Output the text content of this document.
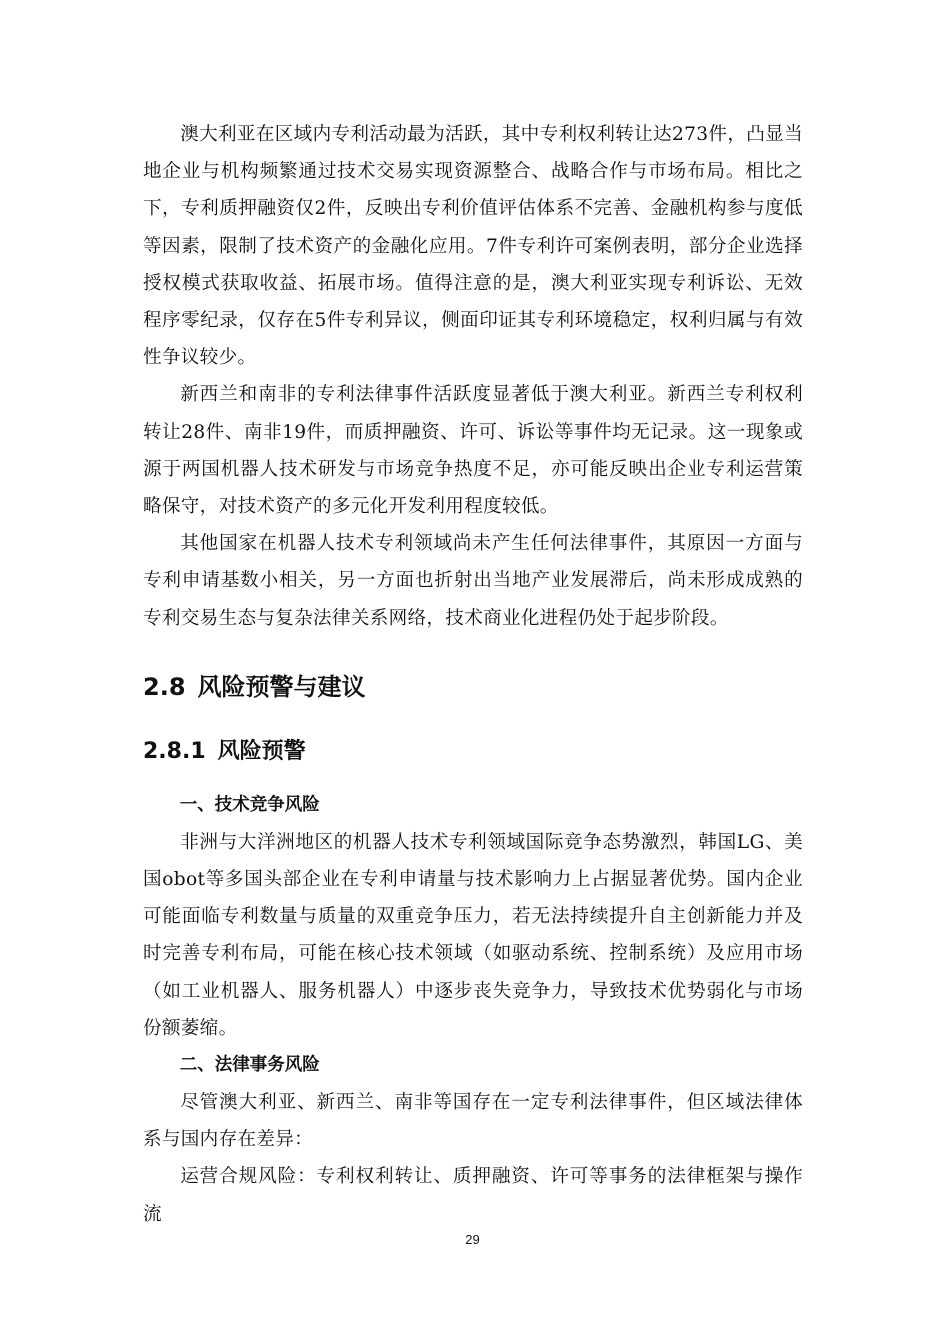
澳大利亚在区域内专利活动最为活跃，其中专利权利转让达273件，凸显当地企业与机构频繁通过技术交易实现资源整合、战略合作与市场布局。相比之下，专利质押融资仅2件，反映出专利价值评估体系不完善、金融机构参与度低等因素，限制了技术资产的金融化应用。7件专利许可案例表明，部分企业选择授权模式获取收益、拓展市场。值得注意的是，澳大利亚实现专利诉讼、无效程序零纪录，仅存在5件专利异议，侧面印证其专利环境稳定，权利归属与有效性争议较少。

新西兰和南非的专利法律事件活跃度显著低于澳大利亚。新西兰专利权利转让28件、南非19件，而质押融资、许可、诉讼等事件均无记录。这一现象或源于两国机器人技术研发与市场竞争热度不足，亦可能反映出企业专利运营策略保守，对技术资产的多元化开发利用程度较低。

其他国家在机器人技术专利领域尚未产生任何法律事件，其原因一方面与专利申请基数小相关，另一方面也折射出当地产业发展滞后，尚未形成成熟的专利交易生态与复杂法律关系网络，技术商业化进程仍处于起步阶段。

2.8 风险预警与建议
2.8.1 风险预警
一、技术竞争风险

非洲与大洋洲地区的机器人技术专利领域国际竞争态势激烈，韩国LG、美国obot等多国头部企业在专利申请量与技术影响力上占据显著优势。国内企业可能面临专利数量与质量的双重竞争压力，若无法持续提升自主创新能力并及时完善专利布局，可能在核心技术领域（如驱动系统、控制系统）及应用市场（如工业机器人、服务机器人）中逐步丧失竞争力，导致技术优势弱化与市场份额萎缩。

二、法律事务风险

尽管澳大利亚、新西兰、南非等国存在一定专利法律事件，但区域法律体系与国内存在差异：

运营合规风险：专利权利转让、质押融资、许可等事务的法律框架与操作流

29
